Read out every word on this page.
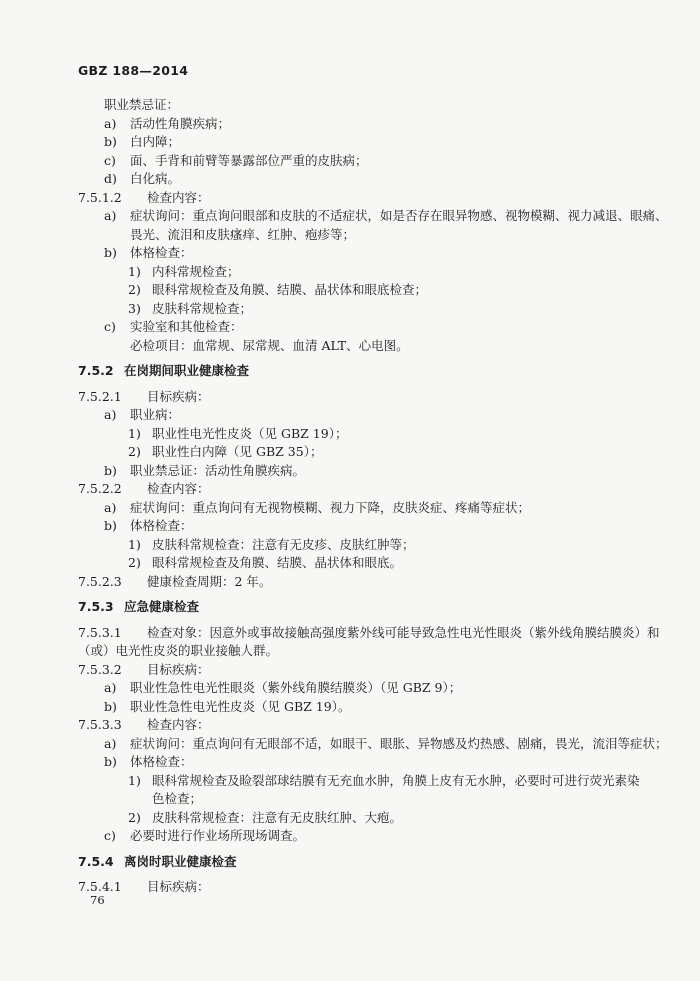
GBZ 188—2014
职业禁忌证：
a) 活动性角膜疾病；
b) 白内障；
c) 面、手背和前臂等暴露部位严重的皮肤病；
d) 白化病。
7.5.1.2 检查内容：
a) 症状询问：重点询问眼部和皮肤的不适症状，如是否存在眼异物感、视物模糊、视力减退、眼痛、
畏光、流泪和皮肤瘙痒、红肿、疱疹等；
b) 体格检查：
1) 内科常规检查；
2) 眼科常规检查及角膜、结膜、晶状体和眼底检查；
3) 皮肤科常规检查；
c) 实验室和其他检查：
必检项目：血常规、尿常规、血清 ALT、心电图。
7.5.2 在岗期间职业健康检查
7.5.2.1 目标疾病：
a) 职业病：
1) 职业性电光性皮炎（见 GBZ 19）；
2) 职业性白内障（见 GBZ 35）；
b) 职业禁忌证：活动性角膜疾病。
7.5.2.2 检查内容：
a) 症状询问：重点询问有无视物模糊、视力下降，皮肤炎症、疼痛等症状；
b) 体格检查：
1) 皮肤科常规检查：注意有无皮疹、皮肤红肿等；
2) 眼科常规检查及角膜、结膜、晶状体和眼底。
7.5.2.3 健康检查周期：2 年。
7.5.3 应急健康检查
7.5.3.1 检查对象：因意外或事故接触高强度紫外线可能导致急性电光性眼炎（紫外线角膜结膜炎）和
（或）电光性皮炎的职业接触人群。
7.5.3.2 目标疾病：
a) 职业性急性电光性眼炎（紫外线角膜结膜炎）（见 GBZ 9）；
b) 职业性急性电光性皮炎（见 GBZ 19）。
7.5.3.3 检查内容：
a) 症状询问：重点询问有无眼部不适，如眼干、眼胀、异物感及灼热感、剧痛，畏光，流泪等症状；
b) 体格检查：
1) 眼科常规检查及睑裂部球结膜有无充血水肿，角膜上皮有无水肿，必要时可进行荧光素染
色检查；
2) 皮肤科常规检查：注意有无皮肤红肿、大疱。
c) 必要时进行作业场所现场调查。
7.5.4 离岗时职业健康检查
7.5.4.1 目标疾病：
76
